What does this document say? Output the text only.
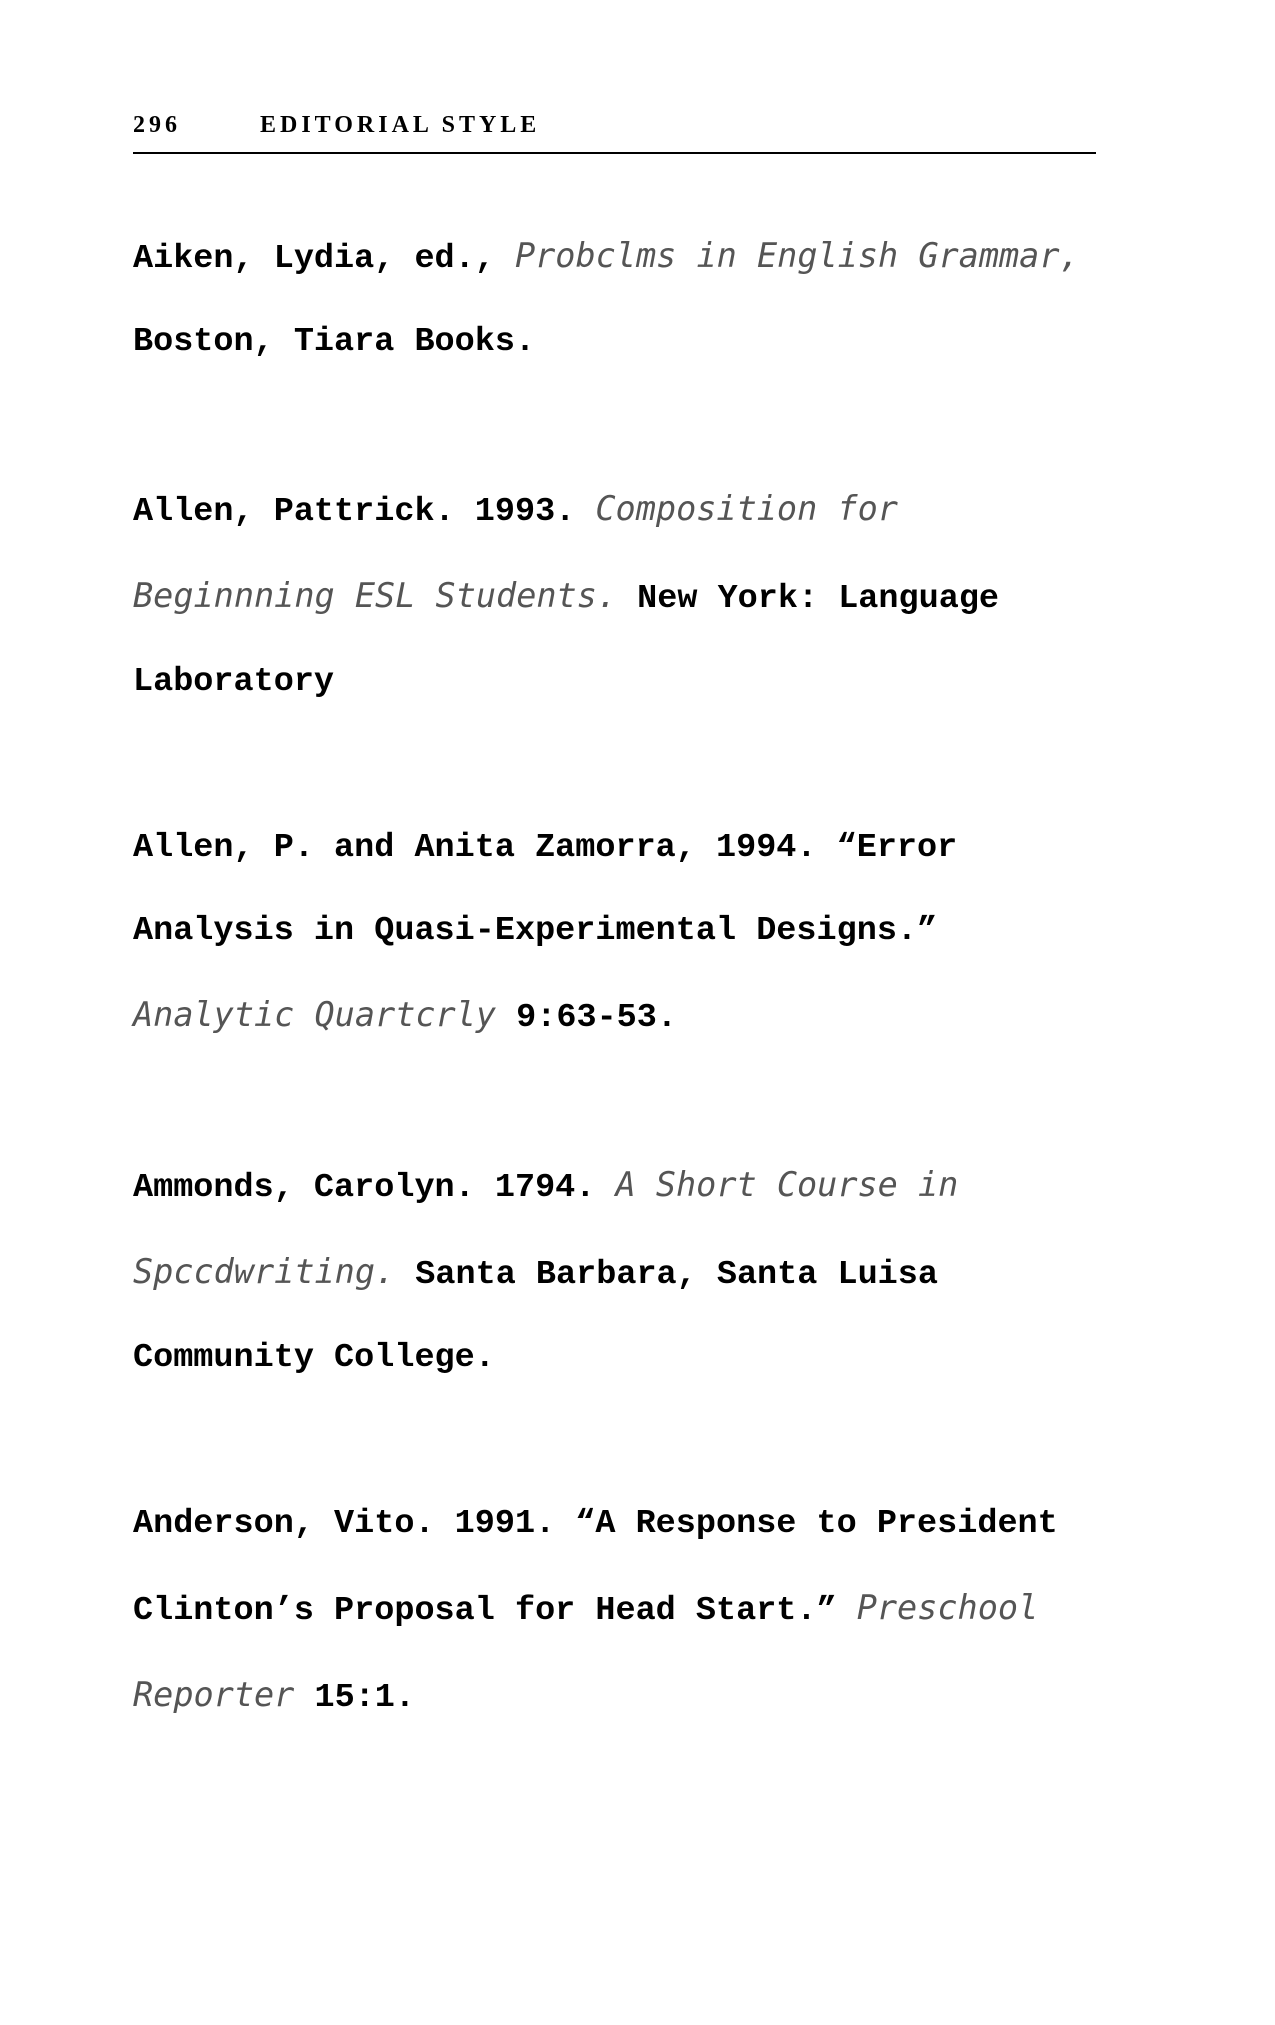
296	EDITORIAL STYLE
Aiken, Lydia, ed., Probclms in English Grammar, Boston, Tiara Books.
Allen, Pattrick. 1993. Composition for Beginnning ESL Students. New York: Language Laboratory
Allen, P. and Anita Zamorra, 1994. “Error Analysis in Quasi-Experimental Designs.” Analytic Quartcrly 9:63-53.
Ammonds, Carolyn. 1794. A Short Course in Spccdwriting. Santa Barbara, Santa Luisa Community College.
Anderson, Vito. 1991. “A Response to President Clinton’s Proposal for Head Start.” Preschool Reporter 15:1.
